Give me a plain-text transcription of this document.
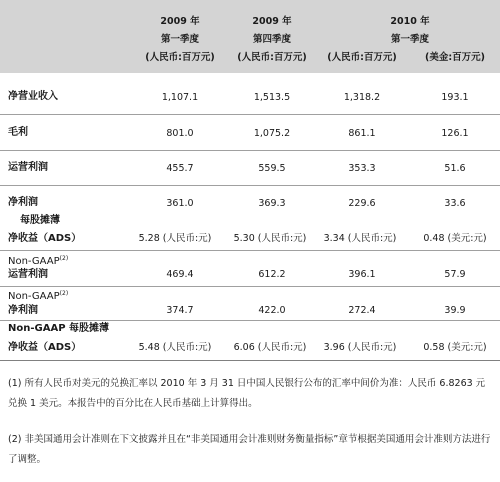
2009 年
第一季度
(人民币:百万元)
2009 年
第四季度
(人民币:百万元)
2010 年
第一季度
(人民币:百万元)	(美金:百万元)
净营业收入	1,107.1	1,513.5	1,318.2	193.1
毛利	801.0	1,075.2	861.1	126.1
运营利润	455.7	559.5	353.3	51.6
净利润	361.0	369.3	229.6	33.6
每股摊薄
净收益（ADS）	5.28 (人民币:元)	5.30 (人民币:元)	3.34 (人民币:元)	0.48 (美元:元)
Non-GAAP$^{(2)}$
运营利润	469.4	612.2	396.1	57.9
Non-GAAP$^{(2)}$
净利润	374.7	422.0	272.4	39.9
Non-GAAP 每股摊薄
净收益（ADS）	5.48 (人民币:元)	6.06 (人民币:元)	3.96 (人民币:元)	0.58 (美元:元)
(1) 所有人民币对美元的兑换汇率以 2010 年 3 月 31 日中国人民银行公布的汇率中间价为准：人民币 6.8263 元兑换 1 美元。本报告中的百分比在人民币基础上计算得出。
(2) 非美国通用会计准则在下文披露并且在“非美国通用会计准则财务衡量指标”章节根据美国通用会计准则方法进行了调整。
